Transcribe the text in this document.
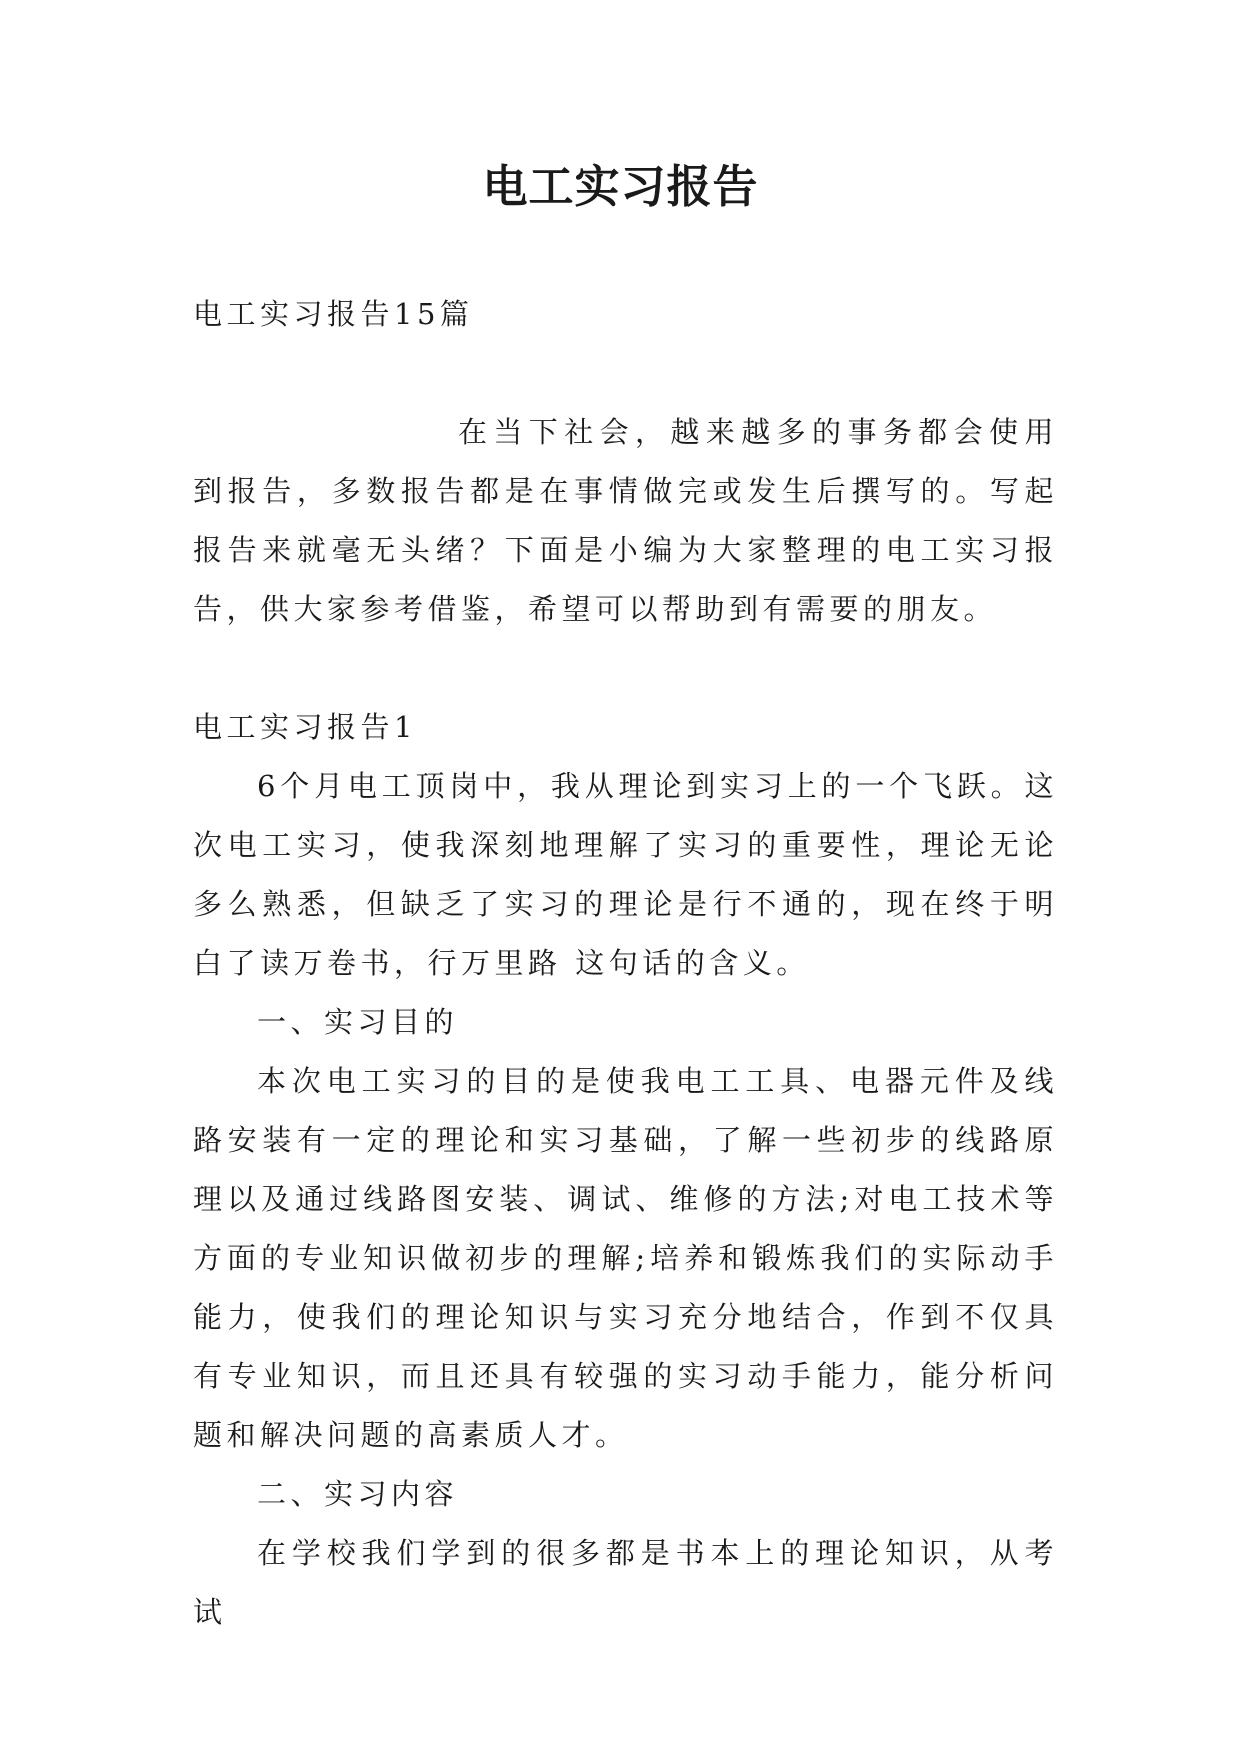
电工实习报告

电工实习报告15篇

在当下社会，越来越多的事务都会使用到报告，多数报告都是在事情做完或发生后撰写的。写起报告来就毫无头绪？下面是小编为大家整理的电工实习报告，供大家参考借鉴，希望可以帮助到有需要的朋友。

电工实习报告1

6个月电工顶岗中，我从理论到实习上的一个飞跃。这次电工实习，使我深刻地理解了实习的重要性，理论无论多么熟悉，但缺乏了实习的理论是行不通的，现在终于明白了读万卷书，行万里路 这句话的含义。

一、实习目的

本次电工实习的目的是使我电工工具、电器元件及线路安装有一定的理论和实习基础，了解一些初步的线路原理以及通过线路图安装、调试、维修的方法;对电工技术等方面的专业知识做初步的理解;培养和锻炼我们的实际动手能力，使我们的理论知识与实习充分地结合，作到不仅具有专业知识，而且还具有较强的实习动手能力，能分析问题和解决问题的高素质人才。

二、实习内容

在学校我们学到的很多都是书本上的理论知识，从考试
